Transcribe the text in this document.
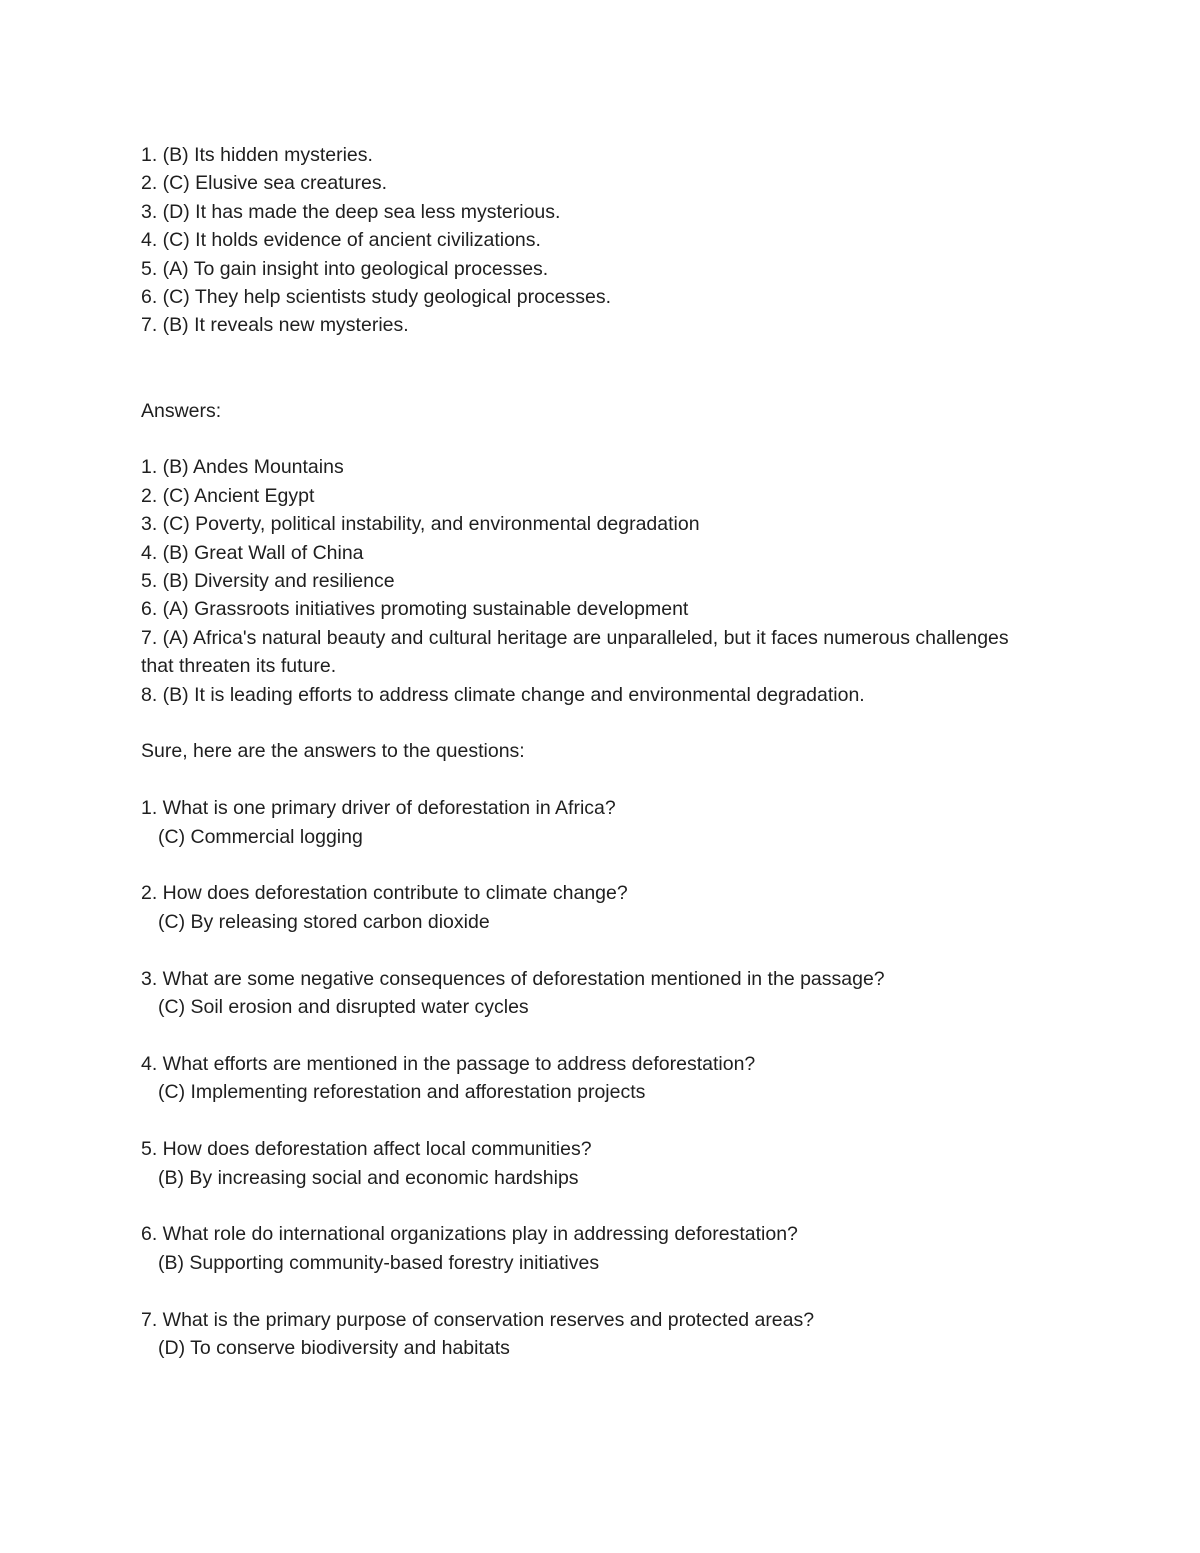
1. (B) Its hidden mysteries.

2. (C) Elusive sea creatures.

3. (D) It has made the deep sea less mysterious.

4. (C) It holds evidence of ancient civilizations.

5. (A) To gain insight into geological processes.

6. (C) They help scientists study geological processes.

7. (B) It reveals new mysteries.

Answers:

1. (B) Andes Mountains

2. (C) Ancient Egypt

3. (C) Poverty, political instability, and environmental degradation

4. (B) Great Wall of China

5. (B) Diversity and resilience

6. (A) Grassroots initiatives promoting sustainable development

7. (A) Africa's natural beauty and cultural heritage are unparalleled, but it faces numerous challenges that threaten its future.

8. (B) It is leading efforts to address climate change and environmental degradation.

Sure, here are the answers to the questions:

1. What is one primary driver of deforestation in Africa?

(C) Commercial logging

2. How does deforestation contribute to climate change?

(C) By releasing stored carbon dioxide

3. What are some negative consequences of deforestation mentioned in the passage?

(C) Soil erosion and disrupted water cycles

4. What efforts are mentioned in the passage to address deforestation?

(C) Implementing reforestation and afforestation projects

5. How does deforestation affect local communities?

(B) By increasing social and economic hardships

6. What role do international organizations play in addressing deforestation?

(B) Supporting community-based forestry initiatives

7. What is the primary purpose of conservation reserves and protected areas?

(D) To conserve biodiversity and habitats
